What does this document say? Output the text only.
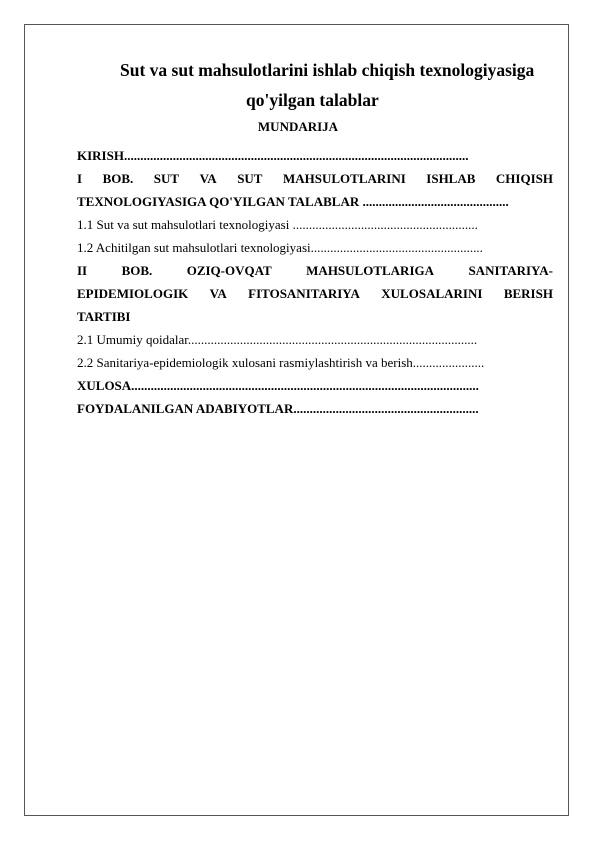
Sut va sut mahsulotlarini ishlab chiqish texnologiyasiga
qo'yilgan talablar
MUNDARIJA
KIRISH..........................................................................................................
I BOB. SUT VA SUT MAHSULOTLARINI ISHLAB CHIQISH
TEXNOLOGIYASIGA QO'YILGAN TALABLAR .............................................
1.1 Sut va sut mahsulotlari texnologiyasi .........................................................
1.2 Achitilgan sut mahsulotlari texnologiyasi.....................................................
II	BOB.	OZIQ-OVQAT	MAHSULOTLARIGA	SANITARIYA-
EPIDEMIOLOGIK VA FITOSANITARIYA XULOSALARINI BERISH
TARTIBI
2.1 Umumiy qoidalar.........................................................................................
2.2 Sanitariya-epidemiologik xulosani rasmiylashtirish va berish......................
XULOSA...........................................................................................................
FOYDALANILGAN ADABIYOTLAR.........................................................
